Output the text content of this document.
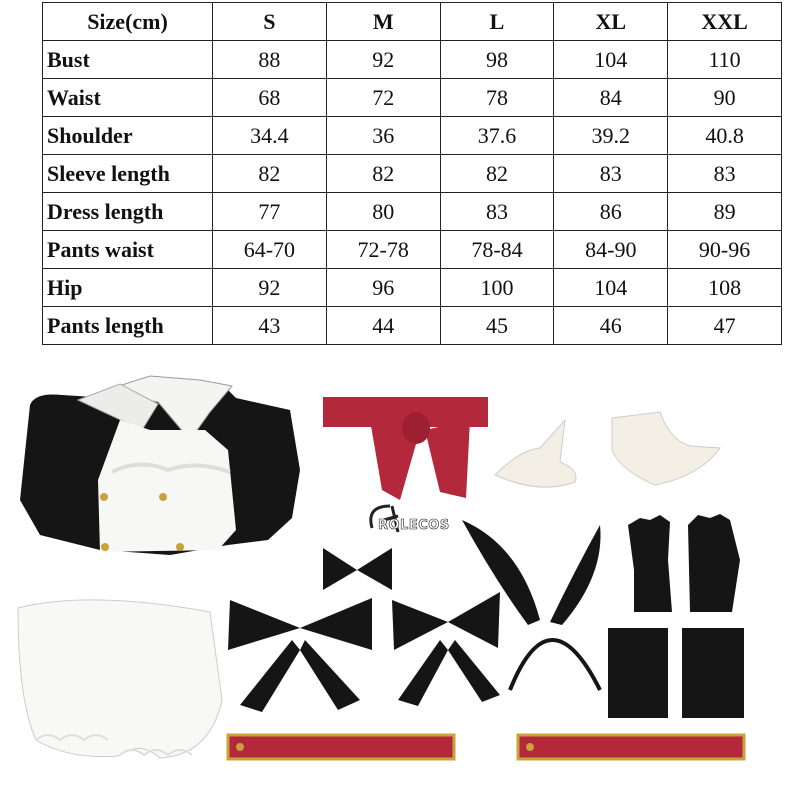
Size(cm)	S	M	L	XL	XXL
Bust	88	92	98	104	110
Waist	68	72	78	84	90
Shoulder	34.4	36	37.6	39.2	40.8
Sleeve length	82	82	82	83	83
Dress length	77	80	83	86	89
Pants waist	64-70	72-78	78-84	84-90	90-96
Hip	92	96	100	104	108
Pants length	43	44	45	46	47
ROLECOS
